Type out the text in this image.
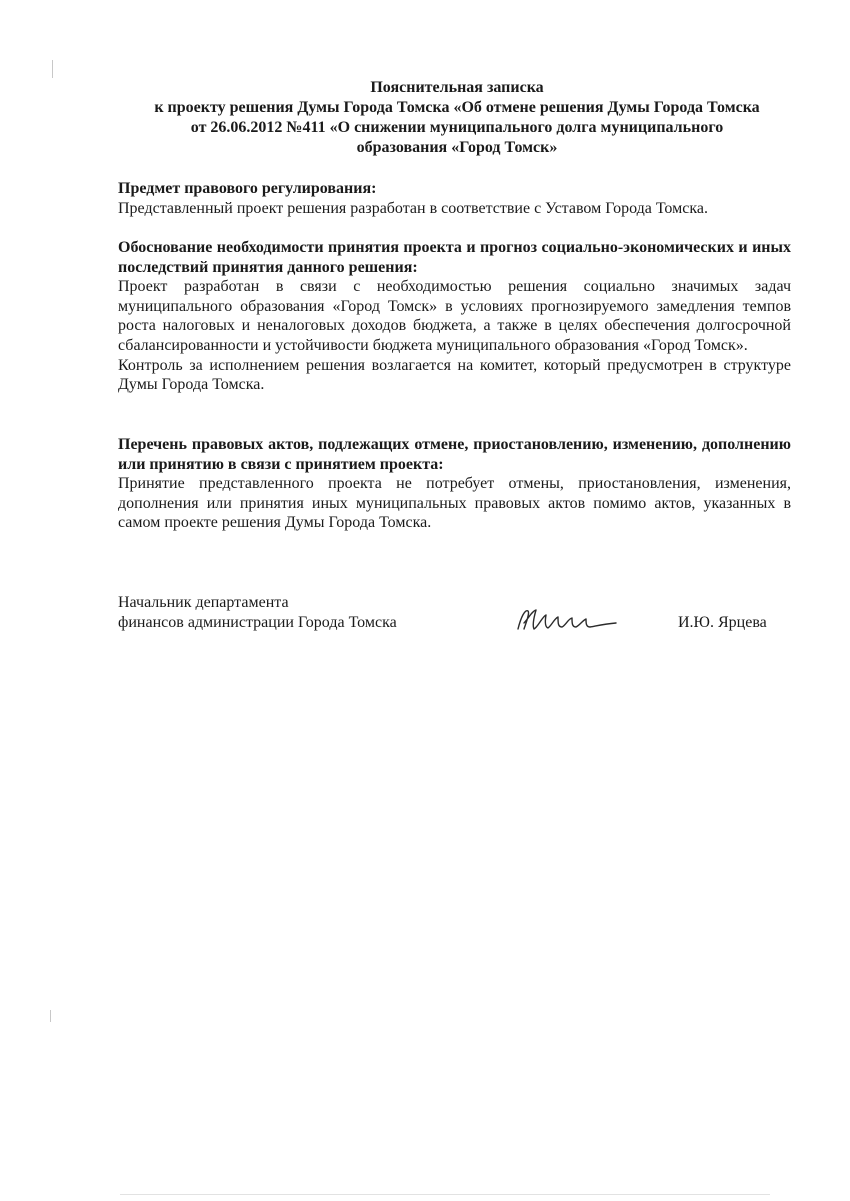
Пояснительная записка
к проекту решения Думы Города Томска «Об отмене решения Думы Города Томска
от 26.06.2012 №411 «О снижении муниципального долга муниципального
образования «Город Томск»
Предмет правового регулирования:

Представленный проект решения разработан в соответствие с Уставом Города Томска.

Обоснование необходимости принятия проекта и прогноз социально-экономических и иных последствий принятия данного решения:

Проект разработан в связи с необходимостью решения социально значимых задач муниципального образования «Город Томск» в условиях прогнозируемого замедления темпов роста налоговых и неналоговых доходов бюджета, а также в целях обеспечения долгосрочной сбалансированности и устойчивости бюджета муниципального образования «Город Томск».

Контроль за исполнением решения возлагается на комитет, который предусмотрен в структуре Думы Города Томска.

Перечень правовых актов, подлежащих отмене, приостановлению, изменению, дополнению или принятию в связи с принятием проекта:

Принятие представленного проекта не потребует отмены, приостановления, изменения, дополнения или принятия иных муниципальных правовых актов помимо актов, указанных в самом проекте решения Думы Города Томска.

Начальник департамента
финансов администрации Города Томска	И.Ю. Ярцева
